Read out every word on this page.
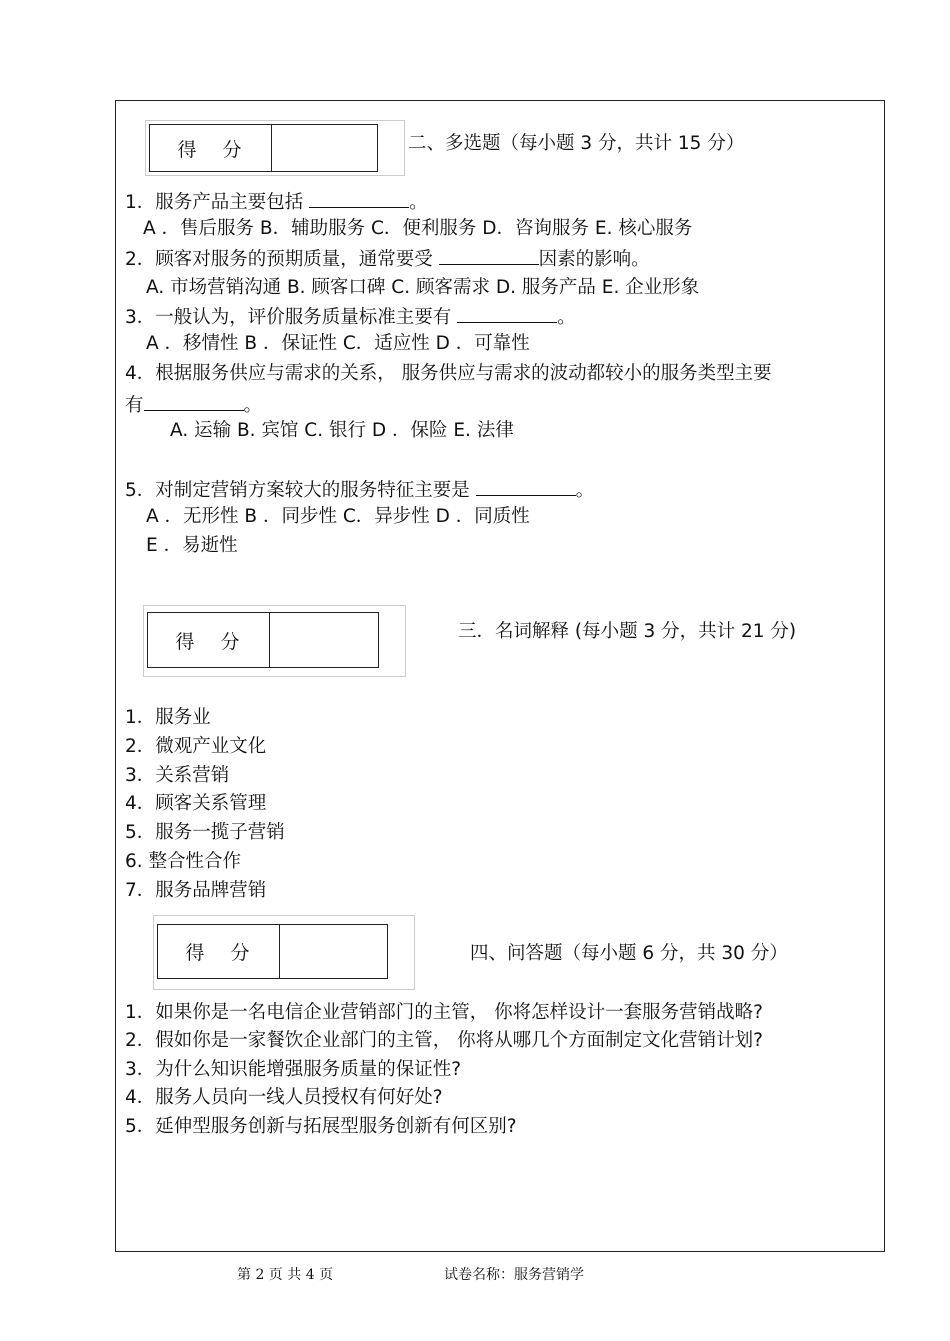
得 分	二、多选题（每小题 3 分，共计 15 分）
1．服务产品主要包括	。
A ．售后服务 B．辅助服务 C．便利服务 D．咨询服务 E. 核心服务
2．顾客对服务的预期质量，通常要受	因素的影响。
A. 市场营销沟通 B. 顾客口碑 C. 顾客需求 D. 服务产品 E. 企业形象
3．一般认为，评价服务质量标准主要有	。
A ．移情性 B ．保证性 C．适应性 D ．可靠性
4．根据服务供应与需求的关系， 服务供应与需求的波动都较小的服务类型主要
有	。
A. 运输 B. 宾馆 C. 银行 D ．保险 E. 法律
5．对制定营销方案较大的服务特征主要是	。
A ．无形性 B ．同步性 C．异步性 D ．同质性
E ．易逝性
得 分	三．名词解释 (每小题 3 分，共计 21 分)
1．服务业
2．微观产业文化
3．关系营销
4．顾客关系管理
5．服务一揽子营销
6. 整合性合作
7．服务品牌营销
得 分	四、问答题（每小题 6 分，共 30 分）
1．如果你是一名电信企业营销部门的主管， 你将怎样设计一套服务营销战略?
2．假如你是一家餐饮企业部门的主管， 你将从哪几个方面制定文化营销计划?
3．为什么知识能增强服务质量的保证性?
4．服务人员向一线人员授权有何好处?
5．延伸型服务创新与拓展型服务创新有何区别?
第 2 页 共 4 页	试卷名称：服务营销学
